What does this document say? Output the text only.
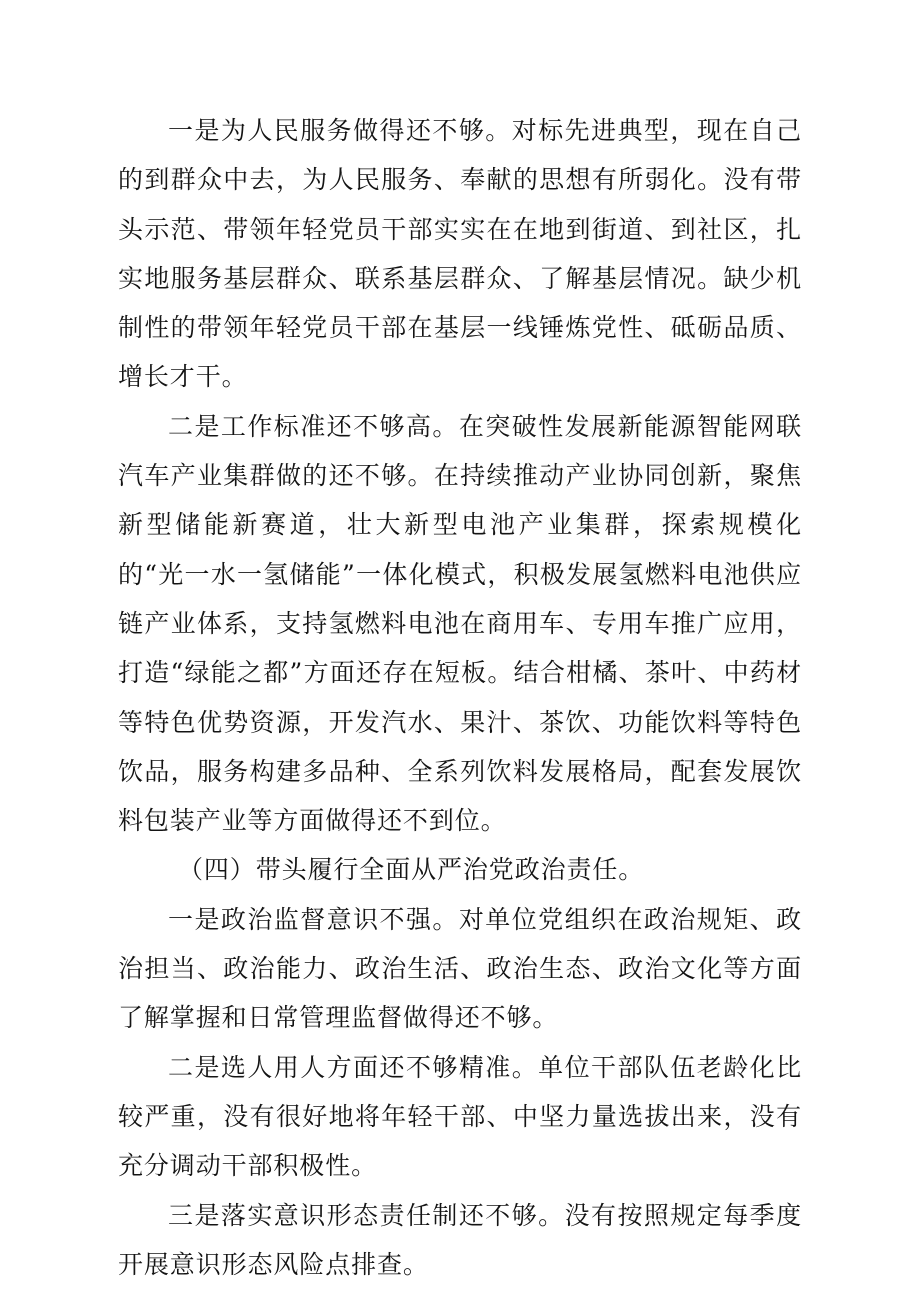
一是为人民服务做得还不够。对标先进典型，现在自己的到群众中去，为人民服务、奉献的思想有所弱化。没有带头示范、带领年轻党员干部实实在在地到街道、到社区，扎实地服务基层群众、联系基层群众、了解基层情况。缺少机制性的带领年轻党员干部在基层一线锤炼党性、砥砺品质、增长才干。

二是工作标准还不够高。在突破性发展新能源智能网联汽车产业集群做的还不够。在持续推动产业协同创新，聚焦新型储能新赛道，壮大新型电池产业集群，探索规模化的“光一水一氢储能”一体化模式，积极发展氢燃料电池供应链产业体系，支持氢燃料电池在商用车、专用车推广应用，打造“绿能之都”方面还存在短板。结合柑橘、茶叶、中药材等特色优势资源，开发汽水、果汁、茶饮、功能饮料等特色饮品，服务构建多品种、全系列饮料发展格局，配套发展饮料包装产业等方面做得还不到位。

（四）带头履行全面从严治党政治责任。

一是政治监督意识不强。对单位党组织在政治规矩、政治担当、政治能力、政治生活、政治生态、政治文化等方面了解掌握和日常管理监督做得还不够。

二是选人用人方面还不够精准。单位干部队伍老龄化比较严重，没有很好地将年轻干部、中坚力量选拔出来，没有充分调动干部积极性。

三是落实意识形态责任制还不够。没有按照规定每季度开展意识形态风险点排查。
